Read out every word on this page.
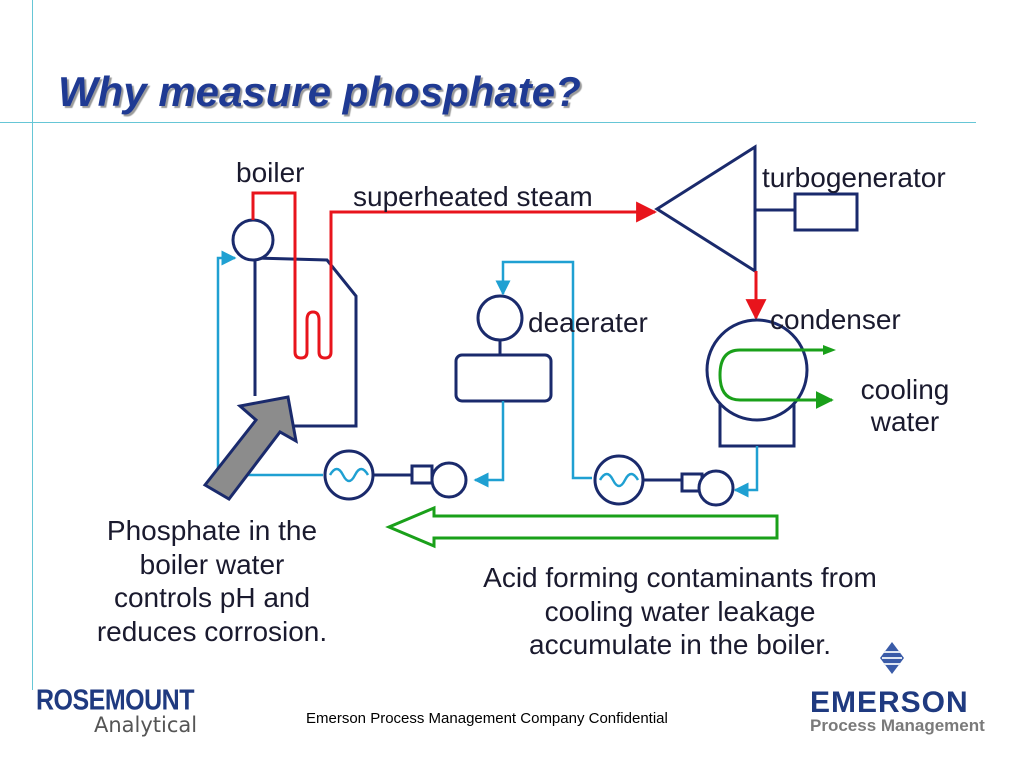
Why measure phosphate?
boiler
superheated steam
turbogenerator
deaerater	condenser
cooling
water
Phosphate in the
boiler water
controls pH and
reduces corrosion.
Acid forming contaminants from
cooling water leakage
accumulate in the boiler.
ROSEMOUNT
Analytical	Emerson Process Management Company Confidential	EMERSON
Process Management
